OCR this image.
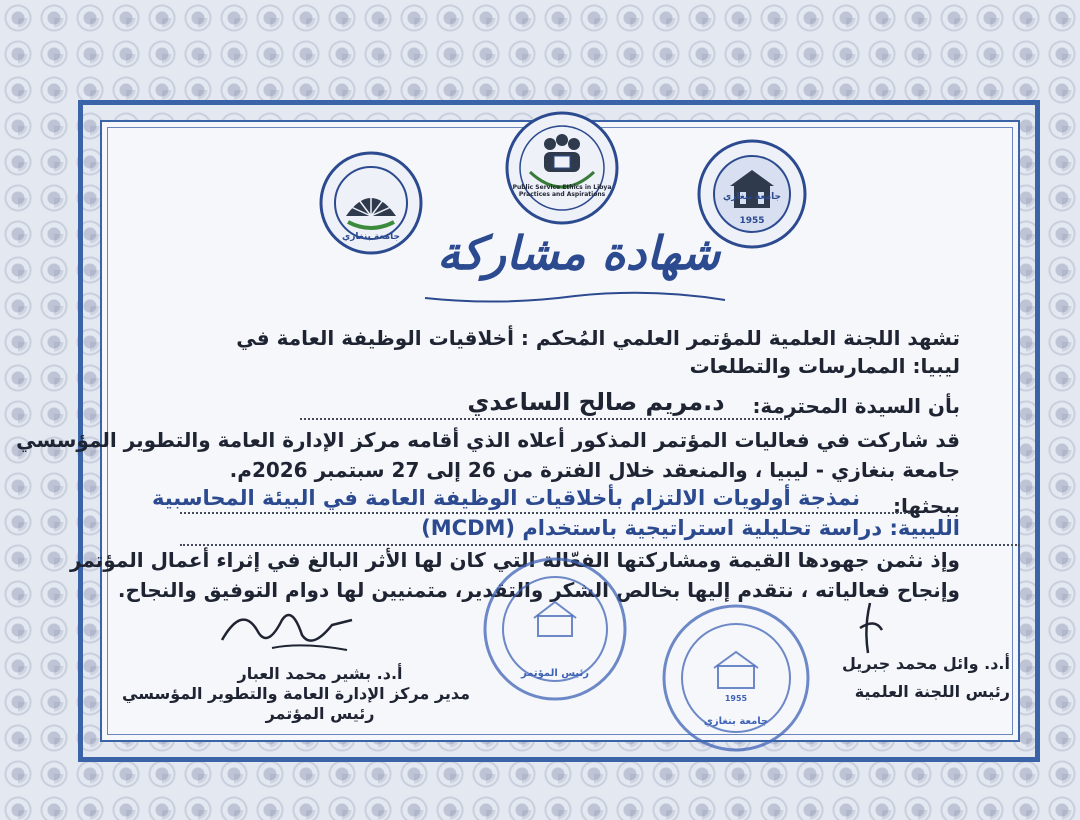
جامعة بنغازي
Public Service Ethics in Libya Practices and Aspirations	جامعة بنغازي
1955
شهادة مشاركة
تشهد اللجنة العلمية للمؤتمر العلمي المُحكم : أخلاقيات الوظيفة العامة في
ليبيا: الممارسات والتطلعات
بأن السيدة المحترمة:
د.مريم صالح الساعدي
قد شاركت في فعاليات المؤتمر المذكور أعلاه الذي أقامه مركز الإدارة العامة والتطوير المؤسسي
جامعة بنغازي - ليبيا ، والمنعقد خلال الفترة من 26 إلى 27 سبتمبر 2026م.
ببحثها:
نمذجة أولويات الالتزام بأخلاقيات الوظيفة العامة في البيئة المحاسبية
الليبية: دراسة تحليلية استراتيجية باستخدام (MCDM)
وإذ نثمن جهودها القيمة ومشاركتها الفعّالة التي كان لها الأثر البالغ في إثراء أعمال المؤتمر
وإنجاح فعالياته ، نتقدم إليها بخالص الشكر والتقدير، متمنيين لها دوام التوفيق والنجاح.
رئيس المؤتمر
جامعة بنغازي
1955
أ.د. بشير محمد العبار
مدير مركز الإدارة العامة والتطوير المؤسسي
رئيس المؤتمر
أ.د. وائل محمد جبريل
رئيس اللجنة العلمية
